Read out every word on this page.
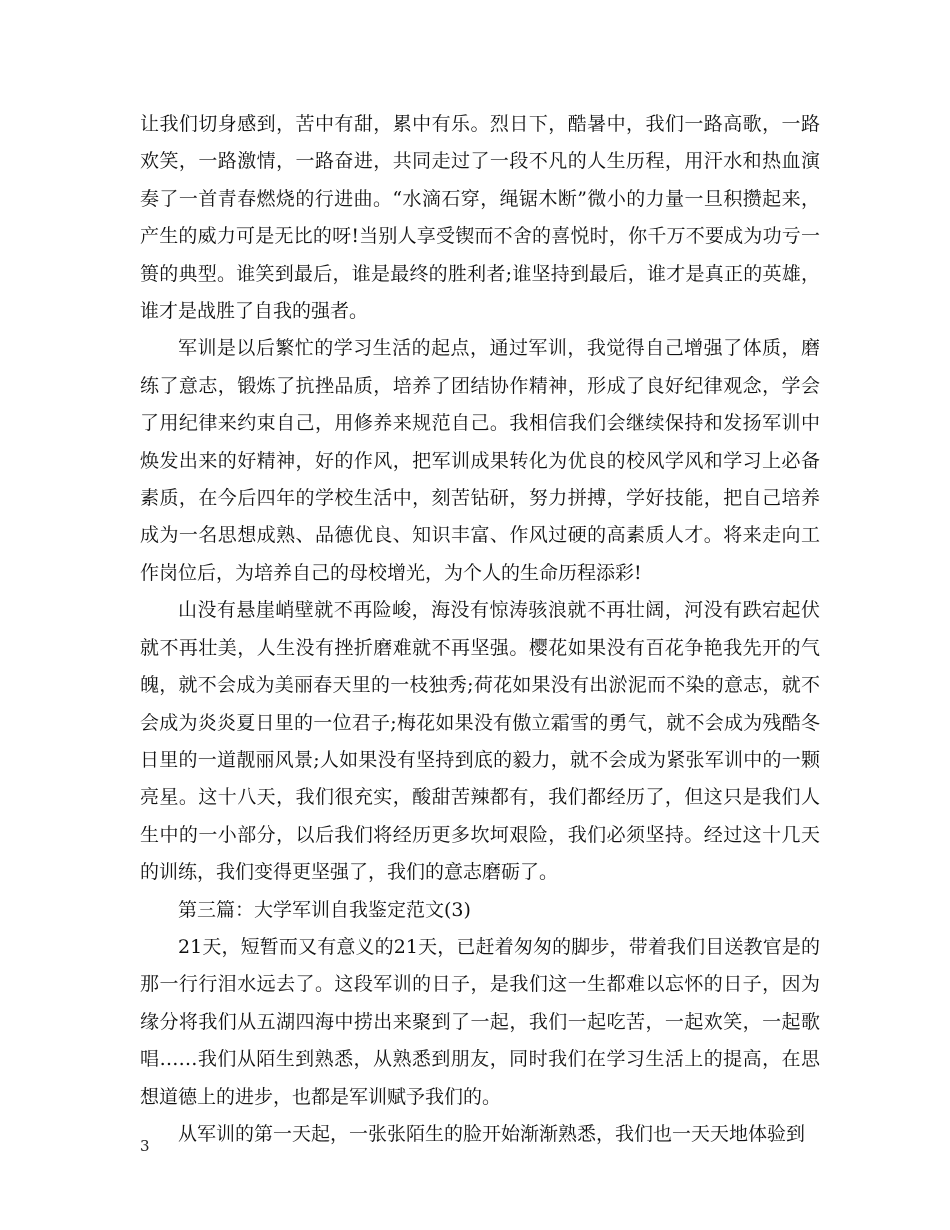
让我们切身感到，苦中有甜，累中有乐。烈日下，酷暑中，我们一路高歌，一路欢笑，一路激情，一路奋进，共同走过了一段不凡的人生历程，用汗水和热血演奏了一首青春燃烧的行进曲。“水滴石穿，绳锯木断”微小的力量一旦积攒起来，产生的威力可是无比的呀!当别人享受锲而不舍的喜悦时，你千万不要成为功亏一篑的典型。谁笑到最后，谁是最终的胜利者;谁坚持到最后，谁才是真正的英雄，谁才是战胜了自我的强者。

军训是以后繁忙的学习生活的起点，通过军训，我觉得自己增强了体质，磨练了意志，锻炼了抗挫品质，培养了团结协作精神，形成了良好纪律观念，学会了用纪律来约束自己，用修养来规范自己。我相信我们会继续保持和发扬军训中焕发出来的好精神，好的作风，把军训成果转化为优良的校风学风和学习上必备素质，在今后四年的学校生活中，刻苦钻研，努力拼搏，学好技能，把自己培养成为一名思想成熟、品德优良、知识丰富、作风过硬的高素质人才。将来走向工作岗位后，为培养自己的母校增光，为个人的生命历程添彩!

山没有悬崖峭壁就不再险峻，海没有惊涛骇浪就不再壮阔，河没有跌宕起伏就不再壮美，人生没有挫折磨难就不再坚强。樱花如果没有百花争艳我先开的气魄，就不会成为美丽春天里的一枝独秀;荷花如果没有出淤泥而不染的意志，就不会成为炎炎夏日里的一位君子;梅花如果没有傲立霜雪的勇气，就不会成为残酷冬日里的一道靓丽风景;人如果没有坚持到底的毅力，就不会成为紧张军训中的一颗亮星。这十八天，我们很充实，酸甜苦辣都有，我们都经历了，但这只是我们人生中的一小部分，以后我们将经历更多坎坷艰险，我们必须坚持。经过这十几天的训练，我们变得更坚强了，我们的意志磨砺了。

第三篇：大学军训自我鉴定范文(3)

21天，短暂而又有意义的21天，已赶着匆匆的脚步，带着我们目送教官是的那一行行泪水远去了。这段军训的日子，是我们这一生都难以忘怀的日子，因为缘分将我们从五湖四海中捞出来聚到了一起，我们一起吃苦，一起欢笑，一起歌唱……我们从陌生到熟悉，从熟悉到朋友，同时我们在学习生活上的提高，在思想道德上的进步，也都是军训赋予我们的。

从军训的第一天起，一张张陌生的脸开始渐渐熟悉，我们也一天天地体验到

3
